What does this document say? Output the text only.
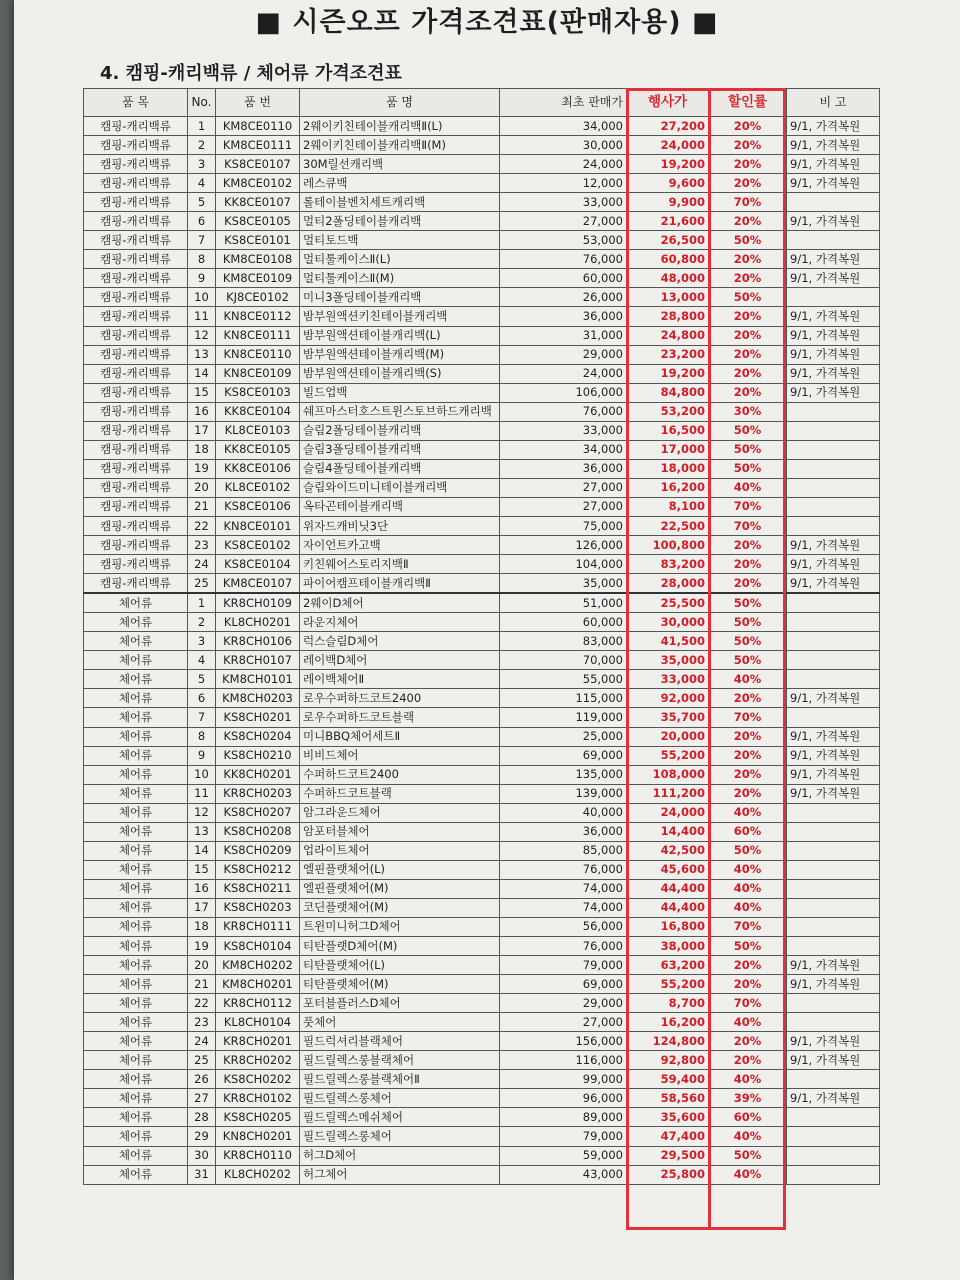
■ 시즌오프 가격조견표(판매자용) ■
4. 캠핑-캐리백류 / 체어류 가격조견표
품 목	No.	품 번	품 명	최초 판매가	행사가	할인률	비 고
캠핑-캐리백류	1	KM8CE0110	2웨이키친테이블캐리백Ⅱ(L)	34,000	27,200	20%	9/1, 가격복원
캠핑-캐리백류	2	KM8CE0111	2웨이키친테이블캐리백Ⅱ(M)	30,000	24,000	20%	9/1, 가격복원
캠핑-캐리백류	3	KS8CE0107	30M릴선캐리백	24,000	19,200	20%	9/1, 가격복원
캠핑-캐리백류	4	KM8CE0102	레스큐백	12,000	9,600	20%	9/1, 가격복원
캠핑-캐리백류	5	KK8CE0107	롤테이블벤치세트캐리백	33,000	9,900	70%	
캠핑-캐리백류	6	KS8CE0105	멀티2폴딩테이블캐리백	27,000	21,600	20%	9/1, 가격복원
캠핑-캐리백류	7	KS8CE0101	멀티토드백	53,000	26,500	50%	
캠핑-캐리백류	8	KM8CE0108	멀티툴케이스Ⅱ(L)	76,000	60,800	20%	9/1, 가격복원
캠핑-캐리백류	9	KM8CE0109	멀티툴케이스Ⅱ(M)	60,000	48,000	20%	9/1, 가격복원
캠핑-캐리백류	10	KJ8CE0102	미니3폴딩테이블캐리백	26,000	13,000	50%	
캠핑-캐리백류	11	KN8CE0112	밤부원액션키친테이블캐리백	36,000	28,800	20%	9/1, 가격복원
캠핑-캐리백류	12	KN8CE0111	밤부원액션테이블캐리백(L)	31,000	24,800	20%	9/1, 가격복원
캠핑-캐리백류	13	KN8CE0110	밤부원액션테이블캐리백(M)	29,000	23,200	20%	9/1, 가격복원
캠핑-캐리백류	14	KN8CE0109	밤부원액션테이블캐리백(S)	24,000	19,200	20%	9/1, 가격복원
캠핑-캐리백류	15	KS8CE0103	빌드업백	106,000	84,800	20%	9/1, 가격복원
캠핑-캐리백류	16	KK8CE0104	쉐프마스터호스트윈스토브하드캐리백	76,000	53,200	30%	
캠핑-캐리백류	17	KL8CE0103	슬림2폴딩테이블캐리백	33,000	16,500	50%	
캠핑-캐리백류	18	KK8CE0105	슬림3폴딩테이블캐리백	34,000	17,000	50%	
캠핑-캐리백류	19	KK8CE0106	슬림4폴딩테이블캐리백	36,000	18,000	50%	
캠핑-캐리백류	20	KL8CE0102	슬림와이드미니테이블캐리백	27,000	16,200	40%	
캠핑-캐리백류	21	KS8CE0106	옥타곤테이블캐리백	27,000	8,100	70%	
캠핑-캐리백류	22	KN8CE0101	위자드캐비닛3단	75,000	22,500	70%	
캠핑-캐리백류	23	KS8CE0102	자이언트카고백	126,000	100,800	20%	9/1, 가격복원
캠핑-캐리백류	24	KS8CE0104	키친웨어스토리지백Ⅱ	104,000	83,200	20%	9/1, 가격복원
캠핑-캐리백류	25	KM8CE0107	파이어캠프테이블캐리백Ⅱ	35,000	28,000	20%	9/1, 가격복원
체어류	1	KR8CH0109	2웨이D체어	51,000	25,500	50%	
체어류	2	KL8CH0201	라운지체어	60,000	30,000	50%	
체어류	3	KR8CH0106	럭스슬림D체어	83,000	41,500	50%	
체어류	4	KR8CH0107	레이백D체어	70,000	35,000	50%	
체어류	5	KM8CH0101	레이백체어Ⅱ	55,000	33,000	40%	
체어류	6	KM8CH0203	로우수퍼하드코트2400	115,000	92,000	20%	9/1, 가격복원
체어류	7	KS8CH0201	로우수퍼하드코트블랙	119,000	35,700	70%	
체어류	8	KS8CH0204	미니BBQ체어세트Ⅱ	25,000	20,000	20%	9/1, 가격복원
체어류	9	KS8CH0210	비비드체어	69,000	55,200	20%	9/1, 가격복원
체어류	10	KK8CH0201	수퍼하드코트2400	135,000	108,000	20%	9/1, 가격복원
체어류	11	KR8CH0203	수퍼하드코트블랙	139,000	111,200	20%	9/1, 가격복원
체어류	12	KS8CH0207	암그라운드체어	40,000	24,000	40%	
체어류	13	KS8CH0208	암포터블체어	36,000	14,400	60%	
체어류	14	KS8CH0209	업라이트체어	85,000	42,500	50%	
체어류	15	KS8CH0212	엘핀플랫체어(L)	76,000	45,600	40%	
체어류	16	KS8CH0211	엘핀플랫체어(M)	74,000	44,400	40%	
체어류	17	KS8CH0203	코딘플랫체어(M)	74,000	44,400	40%	
체어류	18	KR8CH0111	트윈미니허그D체어	56,000	16,800	70%	
체어류	19	KS8CH0104	티탄플랫D체어(M)	76,000	38,000	50%	
체어류	20	KM8CH0202	티탄플랫체어(L)	79,000	63,200	20%	9/1, 가격복원
체어류	21	KM8CH0201	티탄플랫체어(M)	69,000	55,200	20%	9/1, 가격복원
체어류	22	KR8CH0112	포터블플러스D체어	29,000	8,700	70%	
체어류	23	KL8CH0104	풋체어	27,000	16,200	40%	
체어류	24	KR8CH0201	필드럭셔리블랙체어	156,000	124,800	20%	9/1, 가격복원
체어류	25	KR8CH0202	필드릴렉스롱블랙체어	116,000	92,800	20%	9/1, 가격복원
체어류	26	KS8CH0202	필드릴렉스롱블랙체어Ⅱ	99,000	59,400	40%	
체어류	27	KR8CH0102	필드릴렉스롱체어	96,000	58,560	39%	9/1, 가격복원
체어류	28	KS8CH0205	필드릴렉스메쉬체어	89,000	35,600	60%	
체어류	29	KN8CH0201	필드릴렉스롱체어	79,000	47,400	40%	
체어류	30	KR8CH0110	허그D체어	59,000	29,500	50%	
체어류	31	KL8CH0202	허그체어	43,000	25,800	40%	
